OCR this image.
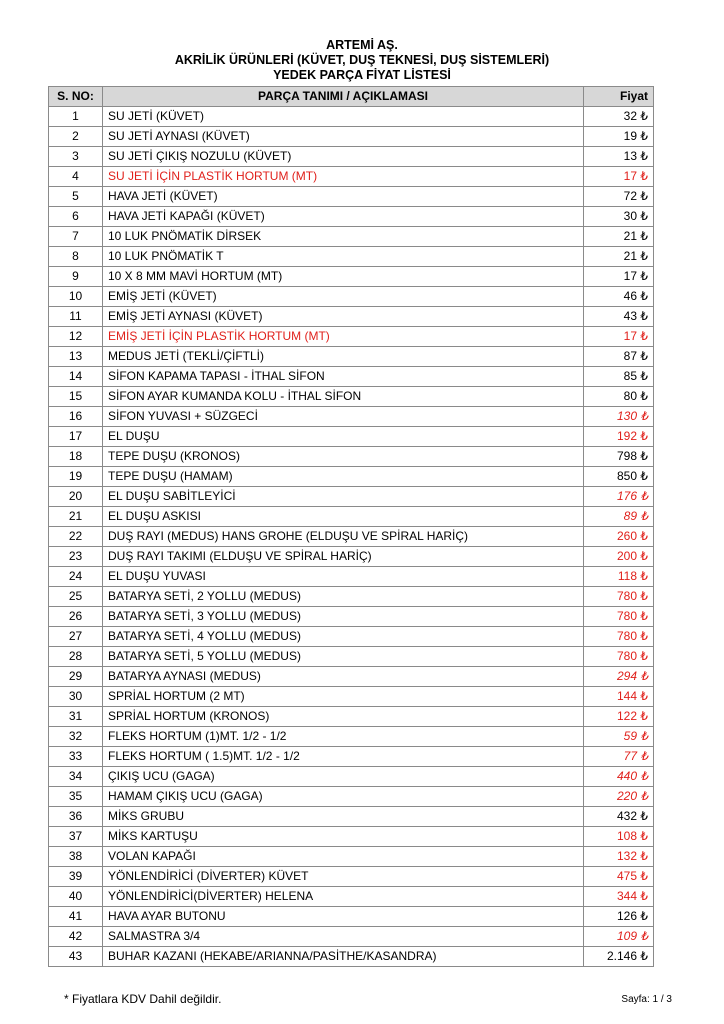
ARTEMİ AŞ.
AKRİLİK ÜRÜNLERİ (KÜVET, DUŞ TEKNESİ, DUŞ SİSTEMLERİ)
YEDEK PARÇA FİYAT LİSTESİ
S. NO:	PARÇA TANIMI / AÇIKLAMASI	Fiyat
1	SU JETİ (KÜVET)	32 ₺
2	SU JETİ AYNASI (KÜVET)	19 ₺
3	SU JETİ ÇIKIŞ NOZULU (KÜVET)	13 ₺
4	SU JETİ İÇİN PLASTİK HORTUM (MT)	17 ₺
5	HAVA JETİ (KÜVET)	72 ₺
6	HAVA JETİ KAPAĞI (KÜVET)	30 ₺
7	10 LUK PNÖMATİK DİRSEK	21 ₺
8	10 LUK PNÖMATİK T	21 ₺
9	10 X 8 MM MAVİ HORTUM (MT)	17 ₺
10	EMİŞ JETİ (KÜVET)	46 ₺
11	EMİŞ JETİ AYNASI (KÜVET)	43 ₺
12	EMİŞ JETİ İÇİN PLASTİK HORTUM (MT)	17 ₺
13	MEDUS JETİ (TEKLİ/ÇİFTLİ)	87 ₺
14	SİFON KAPAMA TAPASI - İTHAL SİFON	85 ₺
15	SİFON AYAR KUMANDA KOLU - İTHAL SİFON	80 ₺
16	SİFON YUVASI + SÜZGECİ	130 ₺
17	EL DUŞU	192 ₺
18	TEPE DUŞU (KRONOS)	798 ₺
19	TEPE DUŞU (HAMAM)	850 ₺
20	EL DUŞU SABİTLEYİCİ	176 ₺
21	EL DUŞU ASKISI	89 ₺
22	DUŞ RAYI (MEDUS) HANS GROHE (ELDUŞU VE SPİRAL HARİÇ)	260 ₺
23	DUŞ RAYI TAKIMI (ELDUŞU VE SPİRAL HARİÇ)	200 ₺
24	EL DUŞU YUVASI	118 ₺
25	BATARYA SETİ, 2 YOLLU (MEDUS)	780 ₺
26	BATARYA SETİ, 3 YOLLU (MEDUS)	780 ₺
27	BATARYA SETİ, 4 YOLLU (MEDUS)	780 ₺
28	BATARYA SETİ, 5 YOLLU (MEDUS)	780 ₺
29	BATARYA AYNASI (MEDUS)	294 ₺
30	SPRİAL HORTUM (2 MT)	144 ₺
31	SPRİAL HORTUM (KRONOS)	122 ₺
32	FLEKS HORTUM (1)MT. 1/2 - 1/2	59 ₺
33	FLEKS HORTUM ( 1.5)MT. 1/2 - 1/2	77 ₺
34	ÇIKIŞ UCU (GAGA)	440 ₺
35	HAMAM ÇIKIŞ UCU (GAGA)	220 ₺
36	MİKS GRUBU	432 ₺
37	MİKS KARTUŞU	108 ₺
38	VOLAN KAPAĞI	132 ₺
39	YÖNLENDİRİCİ (DİVERTER) KÜVET	475 ₺
40	YÖNLENDİRİCİ(DİVERTER) HELENA	344 ₺
41	HAVA AYAR BUTONU	126 ₺
42	SALMASTRA 3/4	109 ₺
43	BUHAR KAZANI (HEKABE/ARIANNA/PASİTHE/KASANDRA)	2.146 ₺
* Fiyatlara KDV Dahil değildir.	Sayfa: 1 / 3
